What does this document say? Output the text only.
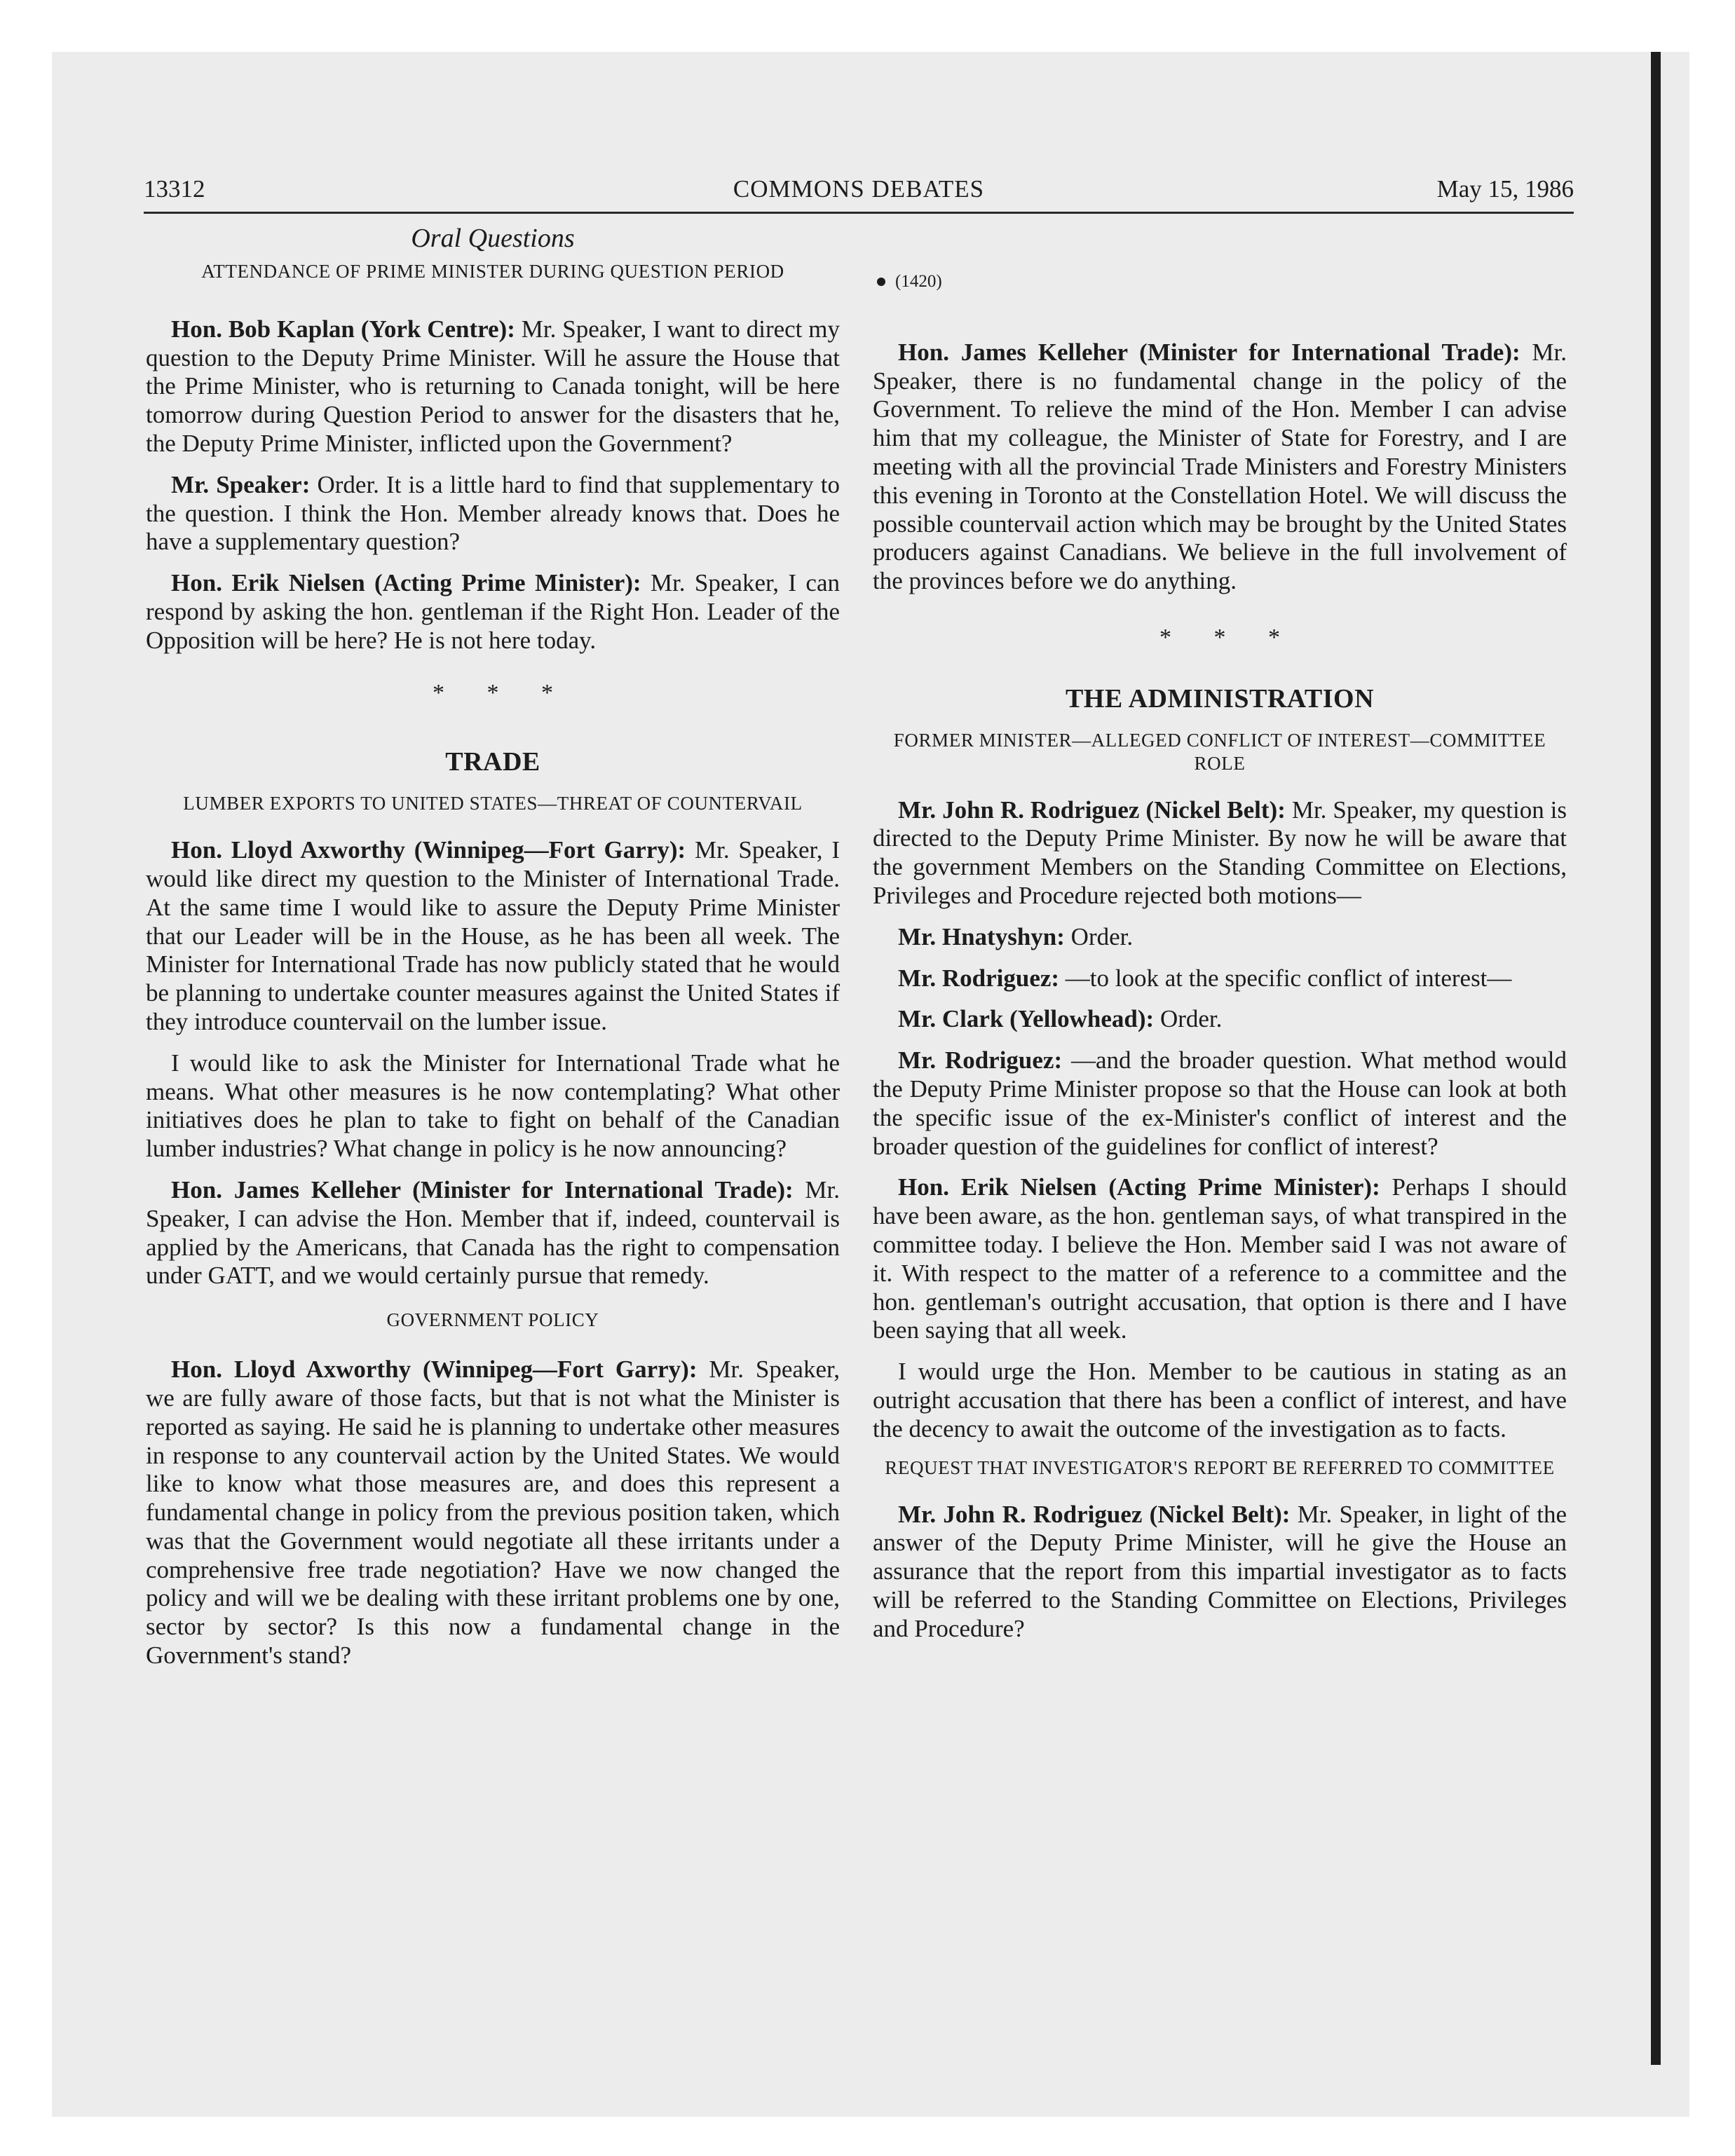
13312	COMMONS DEBATES	May 15, 1986
Oral Questions
ATTENDANCE OF PRIME MINISTER DURING QUESTION PERIOD

Hon. Bob Kaplan (York Centre): Mr. Speaker, I want to direct my question to the Deputy Prime Minister. Will he assure the House that the Prime Minister, who is returning to Canada tonight, will be here tomorrow during Question Period to answer for the disasters that he, the Deputy Prime Minister, inflicted upon the Government?

Mr. Speaker: Order. It is a little hard to find that supplementary to the question. I think the Hon. Member already knows that. Does he have a supplementary question?

Hon. Erik Nielsen (Acting Prime Minister): Mr. Speaker, I can respond by asking the hon. gentleman if the Right Hon. Leader of the Opposition will be here? He is not here today.

* * *
TRADE
LUMBER EXPORTS TO UNITED STATES—THREAT OF COUNTERVAIL

Hon. Lloyd Axworthy (Winnipeg—Fort Garry): Mr. Speaker, I would like direct my question to the Minister of International Trade. At the same time I would like to assure the Deputy Prime Minister that our Leader will be in the House, as he has been all week. The Minister for International Trade has now publicly stated that he would be planning to undertake counter measures against the United States if they introduce countervail on the lumber issue.

I would like to ask the Minister for International Trade what he means. What other measures is he now contemplating? What other initiatives does he plan to take to fight on behalf of the Canadian lumber industries? What change in policy is he now announcing?

Hon. James Kelleher (Minister for International Trade): Mr. Speaker, I can advise the Hon. Member that if, indeed, countervail is applied by the Americans, that Canada has the right to compensation under GATT, and we would certainly pursue that remedy.

GOVERNMENT POLICY

Hon. Lloyd Axworthy (Winnipeg—Fort Garry): Mr. Speaker, we are fully aware of those facts, but that is not what the Minister is reported as saying. He said he is planning to undertake other measures in response to any countervail action by the United States. We would like to know what those measures are, and does this represent a fundamental change in policy from the previous position taken, which was that the Government would negotiate all these irritants under a comprehensive free trade negotiation? Have we now changed the policy and will we be dealing with these irritant problems one by one, sector by sector? Is this now a fundamental change in the Government's stand?

(1420)

Hon. James Kelleher (Minister for International Trade): Mr. Speaker, there is no fundamental change in the policy of the Government. To relieve the mind of the Hon. Member I can advise him that my colleague, the Minister of State for Forestry, and I are meeting with all the provincial Trade Ministers and Forestry Ministers this evening in Toronto at the Constellation Hotel. We will discuss the possible countervail action which may be brought by the United States producers against Canadians. We believe in the full involvement of the provinces before we do anything.

* * *
THE ADMINISTRATION
FORMER MINISTER—ALLEGED CONFLICT OF INTEREST—COMMITTEE ROLE

Mr. John R. Rodriguez (Nickel Belt): Mr. Speaker, my question is directed to the Deputy Prime Minister. By now he will be aware that the government Members on the Standing Committee on Elections, Privileges and Procedure rejected both motions—

Mr. Hnatyshyn: Order.

Mr. Rodriguez: —to look at the specific conflict of interest—

Mr. Clark (Yellowhead): Order.

Mr. Rodriguez: —and the broader question. What method would the Deputy Prime Minister propose so that the House can look at both the specific issue of the ex-Minister's conflict of interest and the broader question of the guidelines for conflict of interest?

Hon. Erik Nielsen (Acting Prime Minister): Perhaps I should have been aware, as the hon. gentleman says, of what transpired in the committee today. I believe the Hon. Member said I was not aware of it. With respect to the matter of a reference to a committee and the hon. gentleman's outright accusation, that option is there and I have been saying that all week.

I would urge the Hon. Member to be cautious in stating as an outright accusation that there has been a conflict of interest, and have the decency to await the outcome of the investigation as to facts.

REQUEST THAT INVESTIGATOR'S REPORT BE REFERRED TO COMMITTEE

Mr. John R. Rodriguez (Nickel Belt): Mr. Speaker, in light of the answer of the Deputy Prime Minister, will he give the House an assurance that the report from this impartial investigator as to facts will be referred to the Standing Committee on Elections, Privileges and Procedure?
